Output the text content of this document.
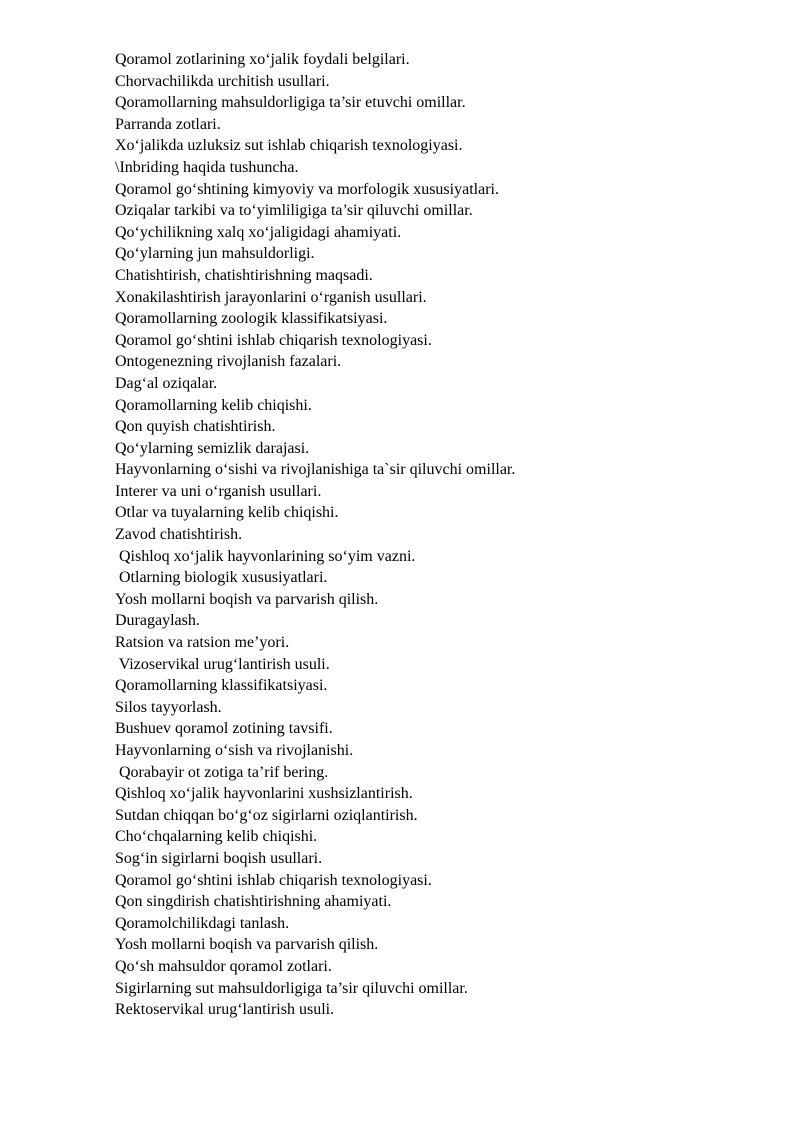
Qoramol zotlarining xo‘jalik foydali belgilari.
Chorvachilikda urchitish usullari.
Qoramollarning mahsuldorligiga ta’sir etuvchi omillar.
Parranda zotlari.
Xo‘jalikda uzluksiz sut ishlab chiqarish texnologiyasi.
\Inbriding haqida tushuncha.
Qoramol go‘shtining kimyoviy va morfologik xususiyatlari.
Oziqalar tarkibi va to‘yimliligiga ta’sir qiluvchi omillar.
Qo‘ychilikning xalq xo‘jaligidagi ahamiyati.
Qo‘ylarning jun mahsuldorligi.
Chatishtirish, chatishtirishning maqsadi.
Xonakilashtirish jarayonlarini o‘rganish usullari.
Qoramollarning zoologik klassifikatsiyasi.
Qoramol go‘shtini ishlab chiqarish texnologiyasi.
Ontogenezning rivojlanish fazalari.
Dag‘al oziqalar.
Qoramollarning kelib chiqishi.
Qon quyish chatishtirish.
Qo‘ylarning semizlik darajasi.
Hayvonlarning o‘sishi va rivojlanishiga ta`sir qiluvchi omillar.
Interer va uni o‘rganish usullari.
Otlar va tuyalarning kelib chiqishi.
Zavod chatishtirish.
Qishloq xo‘jalik hayvonlarining so‘yim vazni.
Otlarning biologik xususiyatlari.
Yosh mollarni boqish va parvarish qilish.
Duragaylash.
Ratsion va ratsion me’yori.
Vizoservikal urug‘lantirish usuli.
Qoramollarning klassifikatsiyasi.
Silos tayyorlash.
Bushuev qoramol zotining tavsifi.
Hayvonlarning o‘sish va rivojlanishi.
Qorabayir ot zotiga ta’rif bering.
Qishloq xo‘jalik hayvonlarini xushsizlantirish.
Sutdan chiqqan bo‘g‘oz sigirlarni oziqlantirish.
Cho‘chqalarning kelib chiqishi.
Sog‘in sigirlarni boqish usullari.
Qoramol go‘shtini ishlab chiqarish texnologiyasi.
Qon singdirish chatishtirishning ahamiyati.
Qoramolchilikdagi tanlash.
Yosh mollarni boqish va parvarish qilish.
Qo‘sh mahsuldor qoramol zotlari.
Sigirlarning sut mahsuldorligiga ta’sir qiluvchi omillar.
Rektoservikal urug‘lantirish usuli.
